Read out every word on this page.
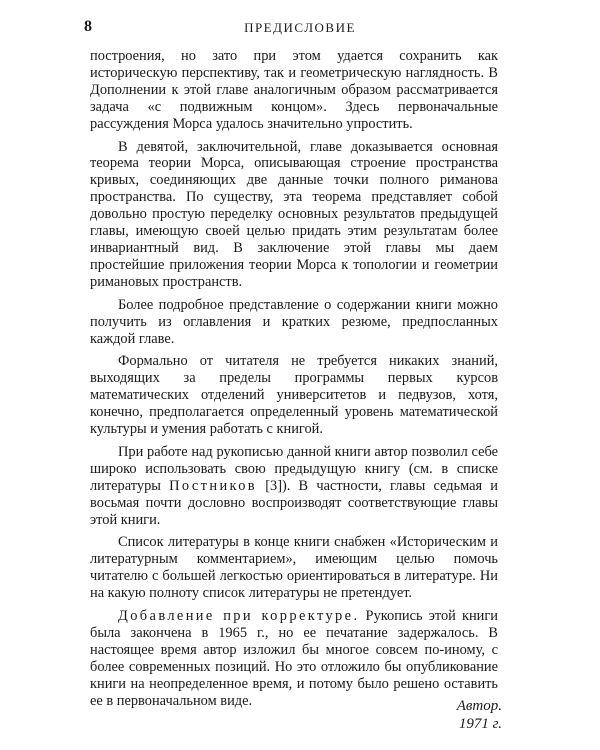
8	ПРЕДИСЛОВИЕ

построения, но зато при этом удается сохранить как историческую перспективу, так и геометрическую наглядность. В Дополнении к этой главе аналогичным образом рассматривается задача «с подвижным концом». Здесь первоначальные рассуждения Морса удалось значительно упростить.

В девятой, заключительной, главе доказывается основная теорема теории Морса, описывающая строение пространства кривых, соединяющих две данные точки полного риманова пространства. По существу, эта теорема представляет собой довольно простую переделку основных результатов предыдущей главы, имеющую своей целью придать этим результатам более инвариантный вид. В заключение этой главы мы даем простейшие приложения теории Морса к топологии и геометрии римановых пространств.

Более подробное представление о содержании книги можно получить из оглавления и кратких резюме, предпосланных каждой главе.

Формально от читателя не требуется никаких знаний, выходящих за пределы программы первых курсов математических отделений университетов и педвузов, хотя, конечно, предполагается определенный уровень математической культуры и умения работать с книгой.

При работе над рукописью данной книги автор позволил себе широко использовать свою предыдущую книгу (см. в списке литературы Постников [3]). В частности, главы седьмая и восьмая почти дословно воспроизводят соответствующие главы этой книги.

Список литературы в конце книги снабжен «Историческим и литературным комментарием», имеющим целью помочь читателю с большей легкостью ориентироваться в литературе. Ни на какую полноту список литературы не претендует.

Добавление при корректуре. Рукопись этой книги была закончена в 1965 г., но ее печатание задержалось. В настоящее время автор изложил бы многое совсем по-иному, с более современных позиций. Но это отложило бы опубликование книги на неопределенное время, и потому было решено оставить ее в первоначальном виде.	Автор.
1971 г.
